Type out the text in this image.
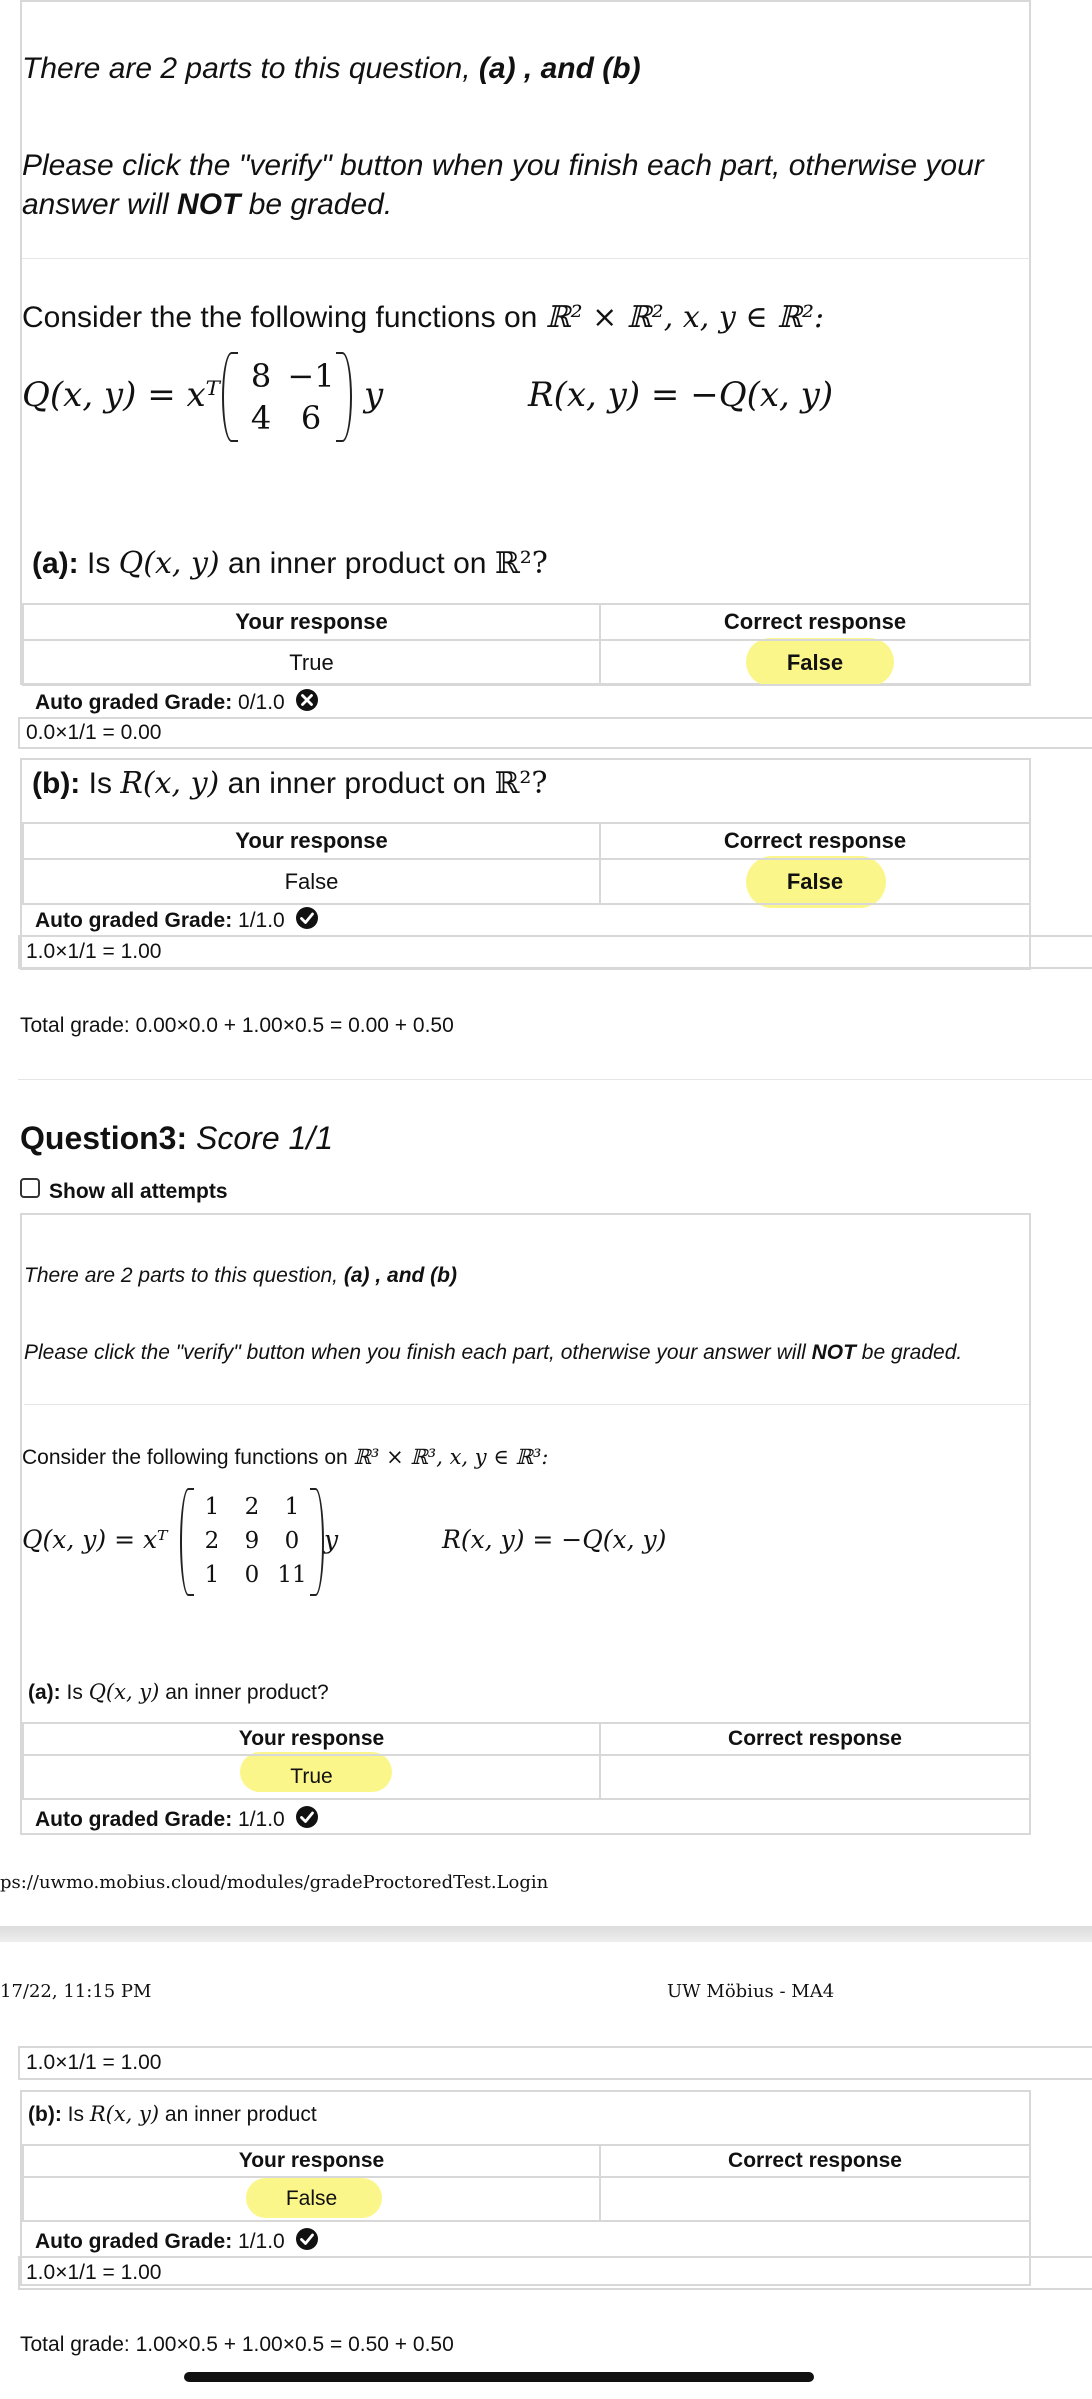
There are 2 parts to this question, (a) , and (b)
Please click the "verify" button when you finish each part, otherwise your answer will NOT be graded.
Consider the the following functions on ℝ² × ℝ², x, y ∈ ℝ²:
Q(x, y) = xᵀ 8 −1
4 6
y	R(x, y) = −Q(x, y)
(a): Is Q(x, y) an inner product on ℝ²?
Your response	Correct response
True	False
Auto graded Grade: 0/1.0
0.0×1/1 = 0.00
(b): Is R(x, y) an inner product on ℝ²?
Your response	Correct response
False	False
Auto graded Grade: 1/1.0
1.0×1/1 = 1.00
Total grade: 0.00×0.0 + 1.00×0.5 = 0.00 + 0.50
Question3: Score 1/1
Show all attempts
There are 2 parts to this question, (a) , and (b)
Please click the "verify" button when you finish each part, otherwise your answer will NOT be graded.
Consider the following functions on ℝ³ × ℝ³, x, y ∈ ℝ³:
Q(x, y) = xᵀ
1	2	1
2	9	0
1	0 11
y	R(x, y) = −Q(x, y)
(a): Is Q(x, y) an inner product?
Your response	Correct response
True	
Auto graded Grade: 1/1.0
ps://uwmo.mobius.cloud/modules/gradeProctoredTest.Login
17/22, 11:15 PM	UW Möbius - MA4
1.0×1/1 = 1.00
(b): Is R(x, y) an inner product
Your response	Correct response
False	
Auto graded Grade: 1/1.0
1.0×1/1 = 1.00
Total grade: 1.00×0.5 + 1.00×0.5 = 0.50 + 0.50
